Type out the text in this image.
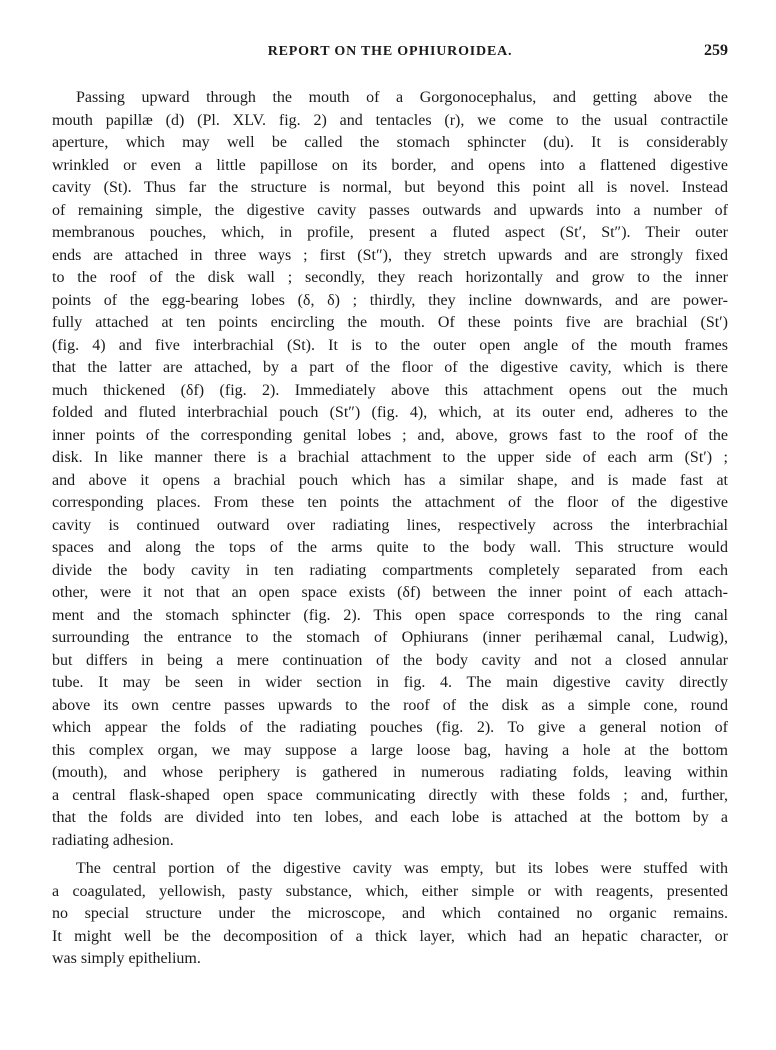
REPORT ON THE OPHIUROIDEA.	259
Passing upward through the mouth of a Gorgonocephalus, and getting above the
mouth papillæ (d) (Pl. XLV. fig. 2) and tentacles (r), we come to the usual contractile
aperture, which may well be called the stomach sphincter (du). It is considerably
wrinkled or even a little papillose on its border, and opens into a flattened digestive
cavity (St). Thus far the structure is normal, but beyond this point all is novel. Instead
of remaining simple, the digestive cavity passes outwards and upwards into a number of
membranous pouches, which, in profile, present a fluted aspect (St′, St″). Their outer
ends are attached in three ways ; first (St″), they stretch upwards and are strongly fixed
to the roof of the disk wall ; secondly, they reach horizontally and grow to the inner
points of the egg-bearing lobes (δ, δ) ; thirdly, they incline downwards, and are power-
fully attached at ten points encircling the mouth. Of these points five are brachial (St′)
(fig. 4) and five interbrachial (St). It is to the outer open angle of the mouth frames
that the latter are attached, by a part of the floor of the digestive cavity, which is there
much thickened (δf) (fig. 2). Immediately above this attachment opens out the much
folded and fluted interbrachial pouch (St″) (fig. 4), which, at its outer end, adheres to the
inner points of the corresponding genital lobes ; and, above, grows fast to the roof of the
disk. In like manner there is a brachial attachment to the upper side of each arm (St′) ;
and above it opens a brachial pouch which has a similar shape, and is made fast at
corresponding places. From these ten points the attachment of the floor of the digestive
cavity is continued outward over radiating lines, respectively across the interbrachial
spaces and along the tops of the arms quite to the body wall. This structure would
divide the body cavity in ten radiating compartments completely separated from each
other, were it not that an open space exists (δf) between the inner point of each attach-
ment and the stomach sphincter (fig. 2). This open space corresponds to the ring canal
surrounding the entrance to the stomach of Ophiurans (inner perihæmal canal, Ludwig),
but differs in being a mere continuation of the body cavity and not a closed annular
tube. It may be seen in wider section in fig. 4. The main digestive cavity directly
above its own centre passes upwards to the roof of the disk as a simple cone, round
which appear the folds of the radiating pouches (fig. 2). To give a general notion of
this complex organ, we may suppose a large loose bag, having a hole at the bottom
(mouth), and whose periphery is gathered in numerous radiating folds, leaving within
a central flask-shaped open space communicating directly with these folds ; and, further,
that the folds are divided into ten lobes, and each lobe is attached at the bottom by a
radiating adhesion.
The central portion of the digestive cavity was empty, but its lobes were stuffed with
a coagulated, yellowish, pasty substance, which, either simple or with reagents, presented
no special structure under the microscope, and which contained no organic remains.
It might well be the decomposition of a thick layer, which had an hepatic character, or
was simply epithelium.
